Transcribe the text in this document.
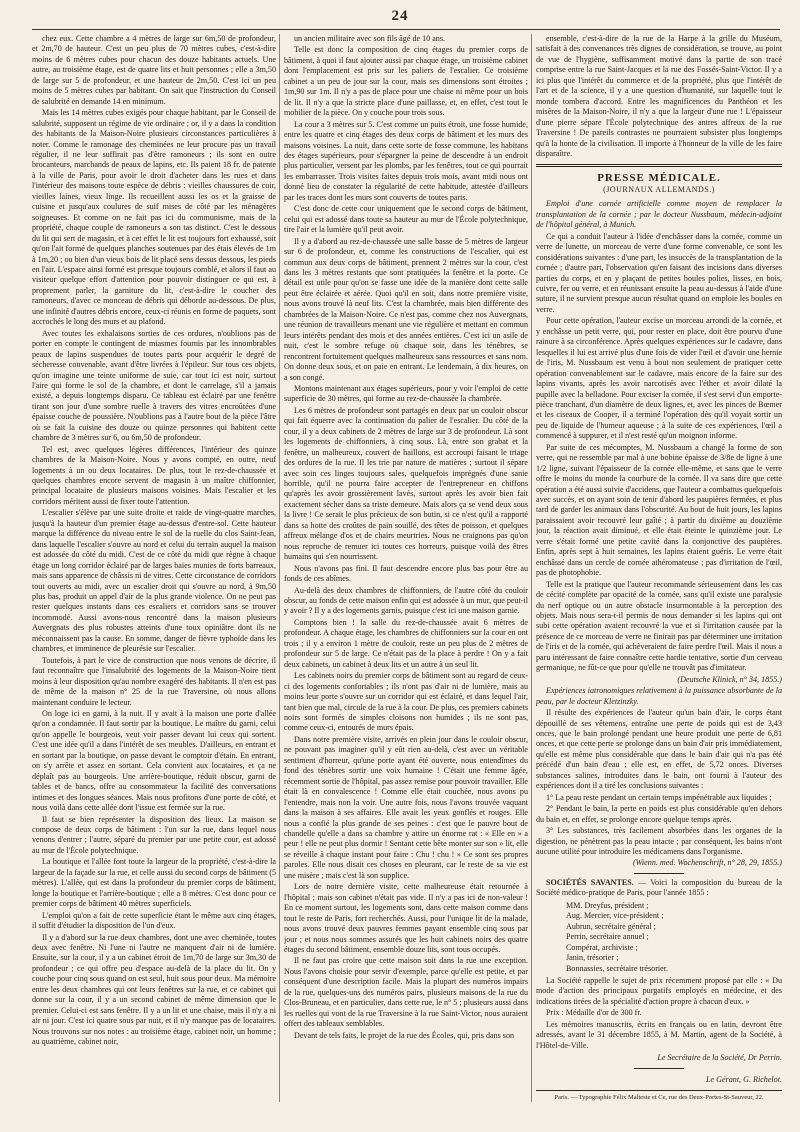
24

chez eux. Cette chambre a 4 mètres de large sur 6m,50 de profondeur, et 2m,70 de hauteur. C'est un peu plus de 70 mètres cubes, c'est-à-dire moins de 6 mètres cubes pour chacun des douze habitants actuels. Une autre, au troisième étage, est de quatre lits et huit personnes ; elle a 3m,50 de large sur 5 de profondeur, et une hauteur de 2m,50. C'est ici un peu moins de 5 mètres cubes par habitant. On sait que l'instruction du Conseil de salubrité en demande 14 en minimum.

Mais les 14 mètres cubes exigés pour chaque habitant, par le Conseil de salubrité, supposent un régime de vie ordinaire ; or, il y a dans la condition des habitants de la Maison-Noire plusieurs circonstances particulières à noter. Comme le ramonage des cheminées ne leur procure pas un travail régulier, il ne leur suffirait pas d'être ramoneurs ; ils sont en outre brocanteurs, marchands de peaux de lapins, etc. Ils paient 18 fr. de patente à la ville de Paris, pour avoir le droit d'acheter dans les rues et dans l'intérieur des maisons toute espèce de débris : vieilles chaussures de cuir, vieilles laines, vieux linge. Ils recueillent aussi les os et la graisse de cuisine et jusqu'aux coulures de suif mises de côté par les ménagères soigneuses. Et comme on ne fait pas ici du communisme, mais de la propriété, chaque couple de ramoneurs a son tas distinct. C'est le dessous du lit qui sert de magasin, et à cet effet le lit est toujours fort exhaussé, soit qu'on l'ait formé de quelques planches soutenues par des étais élevés de 1m à 1m,20 ; ou bien d'un vieux bois de lit placé sens dessus dessous, les pieds en l'air. L'espace ainsi formé est presque toujours comblé, et alors il faut au visiteur quelque effort d'attention pour pouvoir distinguer ce qui est, à proprement parler, la garniture du lit, c'est-à-dire le coucher des ramoneurs, d'avec ce monceau de débris qui déborde au-dessous. De plus, une infinité d'autres débris encore, ceux-ci réunis en forme de paquets, sont accrochés le long des murs et au plafond.

Avec toutes les exhalaisons sorties de ces ordures, n'oublions pas de porter en compte le contingent de miasmes fournis par les innombrables peaux de lapins suspendues de toutes parts pour acquérir le degré de sécheresse convenable, avant d'être livrées à l'épileur. Sur tous ces objets, qu'on imagine une teinte uniforme de suie, car tout ici est noir, surtout l'aire qui forme le sol de la chambre, et dont le carrelage, s'il a jamais existé, a depuis longtemps disparu. Ce tableau est éclairé par une fenêtre tirant son jour d'une sombre ruelle à travers des vitres encroûtées d'une épaisse couche de poussière. N'oublions pas à l'autre bout de la pièce l'âtre où se fait la cuisine des douze ou quinze personnes qui habitent cette chambre de 3 mètres sur 6, ou 6m,50 de profondeur.

Tel est, avec quelques légères différences, l'intérieur des quinze chambres de la Maison-Noire. Nous y avons compté, en outre, neuf logements à un ou deux locataires. De plus, tout le rez-de-chaussée et quelques chambres encore servent de magasin à un maître chiffonnier, principal locataire de plusieurs maisons voisines. Mais l'escalier et les corridors méritent aussi de fixer toute l'attention.

L'escalier s'élève par une suite droite et raide de vingt-quatre marches, jusqu'à la hauteur d'un premier étage au-dessus d'entre-sol. Cette hauteur marque la différence du niveau entre le sol de la ruelle du clos Saint-Jean, dans laquelle l'escalier s'ouvre au nord et celui du terrain auquel la maison est adossée du côté du midi. C'est de ce côté du midi que règne à chaque étage un long corridor éclairé par de larges baies munies de forts barreaux, mais sans apparence de châssis ni de vitres. Cette circonstance de corridors tout ouverts au midi, avec un escalier droit qui s'ouvre au nord, à 9m,50 plus bas, produit un appel d'air de la plus grande violence. On ne peut pas rester quelques instants dans ces escaliers et corridors sans se trouver incommodé. Aussi avons-nous rencontré dans la maison plusieurs Auvergnats des plus robustes atteints d'une toux opiniâtre dont ils ne méconnaissent pas la cause. En somme, danger de fièvre typhoïde dans les chambres, et imminence de pleurésie sur l'escalier.

Toutefois, à part le vice de construction que nous venons de décrire, il faut reconnaître que l'insalubrité des logements de la Maison-Noire tient moins à leur disposition qu'au nombre exagéré des habitants. Il n'en est pas de même de la maison n° 25 de la rue Traversine, où nous allons maintenant conduire le lecteur.

On loge ici en garni, à la nuit. Il y avait à la maison une porte d'allée qu'on a condamnée. Il faut sortir par la boutique. Le maître du garni, celui qu'on appelle le bourgeois, veut voir passer devant lui ceux qui sortent. C'est une idée qu'il a dans l'intérêt de ses meubles. D'ailleurs, en entrant et en sortant par la boutique, on passe devant le comptoir d'étain. En entrant, on s'y arrête et assez en sortant. Cela convient aux locataires, et ça ne déplaît pas au bourgeois. Une arrière-boutique, réduit obscur, garni de tables et de bancs, offre au consommateur la facilité des conversations intimes et des longues séances. Mais nous profitons d'une porte de côté, et nous voilà dans cette allée dont l'issue est fermée sur la rue.

Il faut se bien représenter la disposition des lieux. La maison se compose de deux corps de bâtiment : l'un sur la rue, dans lequel nous venons d'entrer ; l'autre, séparé du premier par une petite cour, est adossé au mur de l'École polytechnique.

La boutique et l'allée font toute la largeur de la propriété, c'est-à-dire la largeur de la façade sur la rue, et celle aussi du second corps de bâtiment (5 mètres). L'allée, qui est dans la profondeur du premier corps de bâtiment, longe la boutique et l'arrière-boutique ; elle a 8 mètres. C'est donc pour ce premier corps de bâtiment 40 mètres superficiels.

L'emploi qu'on a fait de cette superficie étant le même aux cinq étages, il suffit d'étudier la disposition de l'un d'eux.

Il y a d'abord sur la rue deux chambres, dont une avec cheminée, toutes deux avec fenêtre. Ni l'une ni l'autre ne manquent d'air ni de lumière. Ensuite, sur la cour, il y a un cabinet étroit de 1m,70 de large sur 3m,30 de profondeur ; ce qui offre peu d'espace au-delà de la place du lit. On y couche pour cinq sous quand on est seul, huit sous pour deux. Ma mémoire entre les deux chambres qui ont leurs fenêtres sur la rue, et ce cabinet qui donne sur la cour, il y a un second cabinet de même dimension que le premier. Celui-ci est sans fenêtre. Il y a un lit et une chaise, mais il n'y a ni air ni jour. C'est ici quatre sous par nuit, et il n'y manque pas de locataires. Nous trouvons sur nos notes : au troisième étage, cabinet noir, un homme ; au quatrième, cabinet noir,

un ancien militaire avec son fils âgé de 10 ans.

Telle est donc la composition de cinq étages du premier corps de bâtiment, à quoi il faut ajouter aussi par chaque étage, un troisième cabinet dont l'emplacement est pris sur les paliers de l'escalier. Ce troisième cabinet a un peu de jour sur la cour, mais ses dimensions sont étroites ; 1m,90 sur 1m. Il n'y a pas de place pour une chaise ni même pour un bois de lit. Il n'y a que la stricte place d'une paillasse, et, en effet, c'est tout le mobilier de la pièce. On y couche pour trois sous.

La cour a 3 mètres sur 5. C'est comme un puits étroit, une fosse humide, entre les quatre et cinq étages des deux corps de bâtiment et les murs des maisons voisines. La nuit, dans cette sorte de fosse commune, les habitans des étages supérieurs, pour s'épargner la peine de descendre à un endroit plus particulier, versent par les plombs, par les fenêtres, tout ce qui pourrait les embarrasser. Trois visites faites depuis trois mois, avant midi nous ont donné lieu de constater la régularité de cette habitude, attestée d'ailleurs par les traces dont les murs sont couverts de toutes parts.

C'est donc de cette cour uniquement que le second corps de bâtiment, celui qui est adossé dans toute sa hauteur au mur de l'École polytechnique, tire l'air et la lumière qu'il peut avoir.

Il y a d'abord au rez-de-chaussée une salle basse de 5 mètres de largeur sur 6 de profondeur, et, comme les constructions de l'escalier, qui est commun aux deux corps de bâtiment, prennent 2 mètres sur la cour, c'est dans les 3 mètres restants que sont pratiquées la fenêtre et la porte. Ce détail est utile pour qu'on se fasse une idée de la manière dont cette salle peut être éclairée et aérée. Quoi qu'il en soit, dans notre première visite, nous avons trouvé là neuf lits. C'est la chambrée, mais bien différente des chambrées de la Maison-Noire. Ce n'est pas, comme chez nos Auvergnats, une réunion de travailleurs menant une vie régulière et mettant en commun leurs intérêts pendant des mois et des années entières. C'est ici un asile de nuit, c'est le sombre refuge où chaque soir, dans les ténèbres, se rencontrent fortuitement quelques malheureux sans ressources et sans nom. On donne deux sous, et on paie en entrant. Le lendemain, à dix heures, on a son congé.

Montons maintenant aux étages supérieurs, pour y voir l'emploi de cette superficie de 30 mètres, qui forme au rez-de-chaussée la chambrée.

Les 6 mètres de profondeur sont partagés en deux par un couloir obscur qui fait équerre avec la continuation du palier de l'escalier. Du côté de la cour, il y a deux cabinets de 2 mètres de large sur 3 de profondeur. Là sont les logements de chiffonniers, à cinq sous. Là, entre son grabat et la fenêtre, un malheureux, couvert de haillons, est accroupi faisant le triage des ordures de la rue. Il les trie par nature de matières ; surtout il sépare avec soin ces linges toujours sales, quelquefois imprégnés d'une sanie horrible, qu'il ne pourra faire accepter de l'entrepreneur en chiffons qu'après les avoir grossièrement lavés, surtout après les avoir bien fait exactement sécher dans sa triste demeure. Mais alors ça se vend deux sous la livre ! Ce serait le plus précieux de son butin, si ce n'est qu'il a rapporté dans sa hotte des croûtes de pain souillé, des têtes de poisson, et quelques affreux mélange d'os et de chairs meurtries. Nous ne craignons pas qu'on nous reproche de remuer ici toutes ces horreurs, puisque voilà des êtres humains qui s'en nourrissent.

Nous n'avons pas fini. Il faut descendre encore plus bas pour être au fonds de ces abîmes.

Au-delà des deux chambres de chiffonniers, de l'autre côté du couloir obscur, au fonds de cette maison enfin qui est adossée à un mur, que peut-il y avoir ? Il y a des logements garnis, puisque c'est ici une maison garnie.

Comptons bien ! la salle du rez-de-chaussée avait 6 mètres de profondeur. A chaque étage, les chambres de chiffonniers sur la cour en ont trois ; il y a environ 1 mètre de couloir, reste un peu plus de 2 mètres de profondeur sur 5 de large. Ce n'était pas de la place à perdre ! On y a fait deux cabinets, un cabinet à deux lits et un autre à un seul lit.

Les cabinets noirs du premier corps de bâtiment sont au regard de ceux-ci des logements confortables ; ils n'ont pas d'air ni de lumière, mais au moins leur porte s'ouvre sur un corridor qui est éclairé, et dans lequel l'air, tant bien que mal, circule de la rue à la cour. De plus, ces premiers cabinets noirs sont formés de simples cloisons non humides ; ils ne sont pas, comme ceux-ci, entourés de murs épais.

Dans notre première visite, arrivés en plein jour dans le couloir obscur, ne pouvant pas imaginer qu'il y eût rien au-delà, c'est avec un véritable sentiment d'horreur, qu'une porte ayant été ouverte, nous entendîmes du fond des ténèbres sortir une voix humaine ! C'était une femme âgée, récemment sortie de l'hôpital, pas assez remise pour pouvoir travailler. Elle était là en convalescence ! Comme elle était couchée, nous avons pu l'entendre, mais non la voir. Une autre fois, nous l'avons trouvée vaquant dans la maison à ses affaires. Elle avait les yeux gonflés et rouges. Elle nous a confié la plus grande de ses peines : c'est que le pauvre bout de chandelle qu'elle a dans sa chambre y attire un énorme rat : « Elle en » a peur ! elle ne peut plus dormir ! Sentant cette bête monter sur son » lit, elle se réveille à chaque instant pour faire : Chu ! chu ! » Ce sont ses propres paroles. Elle nous disait ces choses en pleurant, car le reste de sa vie est une misère ; mais c'est là son supplice.

Lors de notre dernière visite, cette malheureuse était retournée à l'hôpital ; mais son cabinet n'était pas vide. Il n'y a pas ici de non-valeur ! En ce moment surtout, les logements sont, dans cette maison comme dans tout le reste de Paris, fort recherchés. Aussi, pour l'unique lit de la malade, nous avons trouvé deux pauvres femmes payant ensemble cinq sous par jour ; et nous nous sommes assurés que les huit cabinets noirs des quatre étages du second bâtiment, ensemble douze lits, sont tous occupés.

Il ne faut pas croire que cette maison soit dans la rue une exception. Nous l'avons choisie pour servir d'exemple, parce qu'elle est petite, et par conséquent d'une description facile. Mais la plupart des numéros impairs de la rue, quelques-uns des numéros pairs, plusieurs maisons de la rue du Clos-Bruneau, et en particulier, dans cette rue, le n° 5 ; plusieurs aussi dans les ruelles qui vont de la rue Traversine à la rue Saint-Victor, nous auraient offert des tableaux semblables.

Devant de tels faits, le projet de la rue des Écoles, qui, pris dans son

ensemble, c'est-à-dire de la rue de la Harpe à la grille du Muséum, satisfait à des convenances très dignes de considération, se trouve, au point de vue de l'hygiène, suffisamment motivé dans la partie de son tracé comprise entre la rue Saint-Jacques et la rue des Fossés-Saint-Victor. Il y a ici plus que l'intérêt du commerce et de la propriété, plus que l'intérêt de l'art et de la science, il y a une question d'humanité, sur laquelle tout le monde tombera d'accord. Entre les magnificences du Panthéon et les misères de la Maison-Noire, il n'y a que la largeur d'une rue ! L'épaisseur d'une pierre sépare l'École polytechnique des antres affreux de la rue Traversine ! De pareils contrastes ne pourraient subsister plus longtemps qu'à la honte de la civilisation. Il importe à l'honneur de la ville de les faire disparaître.

PRESSE MÉDICALE.
(JOURNAUX ALLEMANDS.)

Emploi d'une cornée artificielle comme moyen de remplacer la transplantation de la cornée ; par le docteur Nussbaum, médecin-adjoint de l'hôpital général, à Munich.

Ce qui a conduit l'auteur à l'idée d'enchâsser dans la cornée, comme un verre de lunette, un morceau de verre d'une forme convenable, ce sont les considérations suivantes : d'une part, les insuccès de la transplantation de la cornée ; d'autre part, l'observation qu'en faisant des incisions dans diverses parties du corps, et en y plaçant de petites boules polies, lisses, en bois, cuivre, fer ou verre, et en réunissant ensuite la peau au-dessus à l'aide d'une suture, il ne survient presque aucun résultat quand on emploie les boules en verre.

Pour cette opération, l'auteur excise un morceau arrondi de la cornée, et y enchâsse un petit verre, qui, pour rester en place, doit être pourvu d'une rainure à sa circonférence. Après quelques expériences sur le cadavre, dans lesquelles il lui est arrivé plus d'une fois de vider l'œil et d'avoir une hernie de l'iris, M. Nussbaum est venu à bout non seulement de pratiquer cette opération convenablement sur le cadavre, mais encore de la faire sur des lapins vivants, après les avoir narcotisés avec l'éther et avoir dilaté la pupille avec la belladone. Pour exciser la cornée, il s'est servi d'un emporte-pièce tranchant, d'un diamètre de deux lignes, et, avec les pinces de Bœmer et les ciseaux de Cooper, il a terminé l'opération dès qu'il voyait sortir un peu de liquide de l'humeur aqueuse ; à la suite de ces expériences, l'œil a commencé à suppurer, et il n'est resté qu'un moignon informe.

Par suite de ces mécomptes, M. Nussbaum a changé la forme de son verre, qui ne ressemble par mal à une bobine épaisse de 3/8e de ligne à une 1/2 ligne, suivant l'épaisseur de la cornée elle-même, et sans que le verre offre le moins du monde la courbure de la cornée. Il va sans dire que cette opération a été aussi suivie d'accidens, que l'auteur a combattus quelquefois avec succès, et on ayant soin de tenir d'abord les paupières fermées, et plus tard de garder les animaux dans l'obscurité. Au bout de huit jours, les lapins paraissaient avoir recouvré leur gaîté ; à partir du dixième au douzième jour, la réaction avait diminué, et elle était éteinte le quinzième jour. Le verre s'était formé une petite cavité dans la conjonctive des paupières. Enfin, après sept à huit semaines, les lapins étaient guéris. Le verre était enchâssé dans un cercle de cornée athéromateuse ; pas d'irritation de l'œil, pas de photophobie.

Telle est la pratique que l'auteur recommande sérieusement dans les cas de cécité complète par opacité de la cornée, sans qu'il existe une paralysie du nerf optique ou un autre obstacle insurmontable à la perception des objets. Mais nous sera-t-il permis de nous demander si les lapins qui ont subi cette opération avaient recouvré la vue et si l'irritation causée par la présence de ce morceau de verre ne finirait pas par déterminer une irritation de l'iris et de la cornée, qui achèveraient de faire perdre l'œil. Mais il nous a paru intéressant de faire connaître cette hardie tentative, sortie d'un cerveau germanique, ne fût-ce que pour qu'elle ne trouvât pas d'imitateur.

(Deutsche Klinick, n° 34, 1855.)

Expériences iatronomiques relativement à la puissance absorbante de la peau, par le docteur Kletzinzky.

Il résulte des expériences de l'auteur qu'un bain d'air, le corps étant dépouillé de ses vêtemens, entraîne une perte de poids qui est de 3,43 onces, que le bain prolongé pendant une heure produit une perte de 6,81 onces, et que cette perte se prolonge dans un bain d'air pris immédiatement, qu'elle est même plus considérable que dans le bain d'air qui n'a pas été précédé d'un bain d'eau ; elle est, en effet, de 5,72 onces. Diverses substances salines, introduites dans le bain, ont fourni à l'auteur des expériences dont il a tiré les conclusions suivantes :

1° La peau reste pendant un certain temps impénétrable aux liquides ;

2° Pendant le bain, la perte en poids est plus considérable qu'en dehors du bain et, en effet, se prolonge encore quelque temps après.

3° Les substances, très facilement absorbées dans les organes de la digestion, ne pénètrent pas la peau intacte ; par conséquent, les bains n'ont aucune utilité pour introduire les médicamens dans l'organisme.

(Wienn. med. Wochenschrift, n° 28, 29, 1855.)

SOCIÉTÉS SAVANTES. — Voici la composition du bureau de la Société médico-pratique de Paris, pour l'année 1855 :

MM. Dreyfus, président ;
Aug. Mercier, vice-président ;
Aubrun, secrétaire général ;
Perrin, secrétaire annuel ;
Compérat, archiviste ;
Janin, trésorier ;
Bonnassies, secrétaire trésorier.

La Société rappelle le sujet de prix récemment proposé par elle : « Du mode d'action des principaux purgatifs employés en médecine, et des indications tirées de la spécialité d'action propre à chacun d'eux. »

Prix : Médaille d'or de 300 fr.

Les mémoires manuscrits, écrits en français ou en latin, devront être adressés, avant le 31 décembre 1855, à M. Martin, agent de la Société, à l'Hôtel-de-Ville.

Le Secrétaire de la Société, Dr Perrin.
Le Gérant, G. Richelot.
Paris. — Typographie Félix Malteste et Ce, rue des Deux-Portes-St-Sauveur, 22.
